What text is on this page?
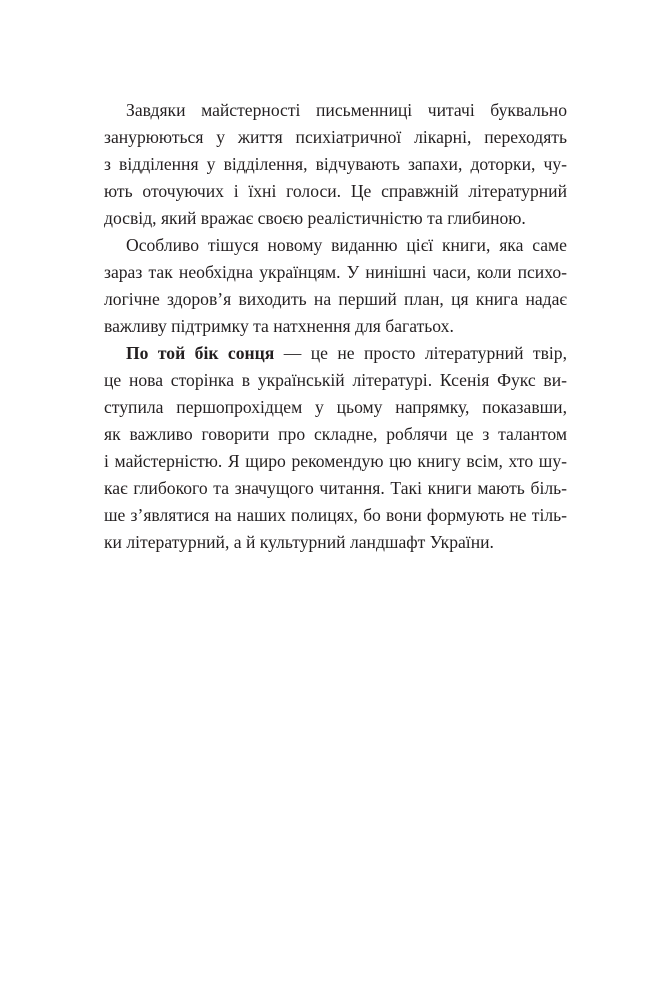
Завдяки майстерності письменниці читачі буквально
занурюються у життя психіатричної лікарні, переходять
з відділення у відділення, відчувають запахи, доторки, чу-
ють оточуючих і їхні голоси. Це справжній літературний
досвід, який вражає своєю реалістичністю та глибиною.
Особливо тішуся новому виданню цієї книги, яка саме
зараз так необхідна українцям. У нинішні часи, коли психо-
логічне здоров’я виходить на перший план, ця книга надає
важливу підтримку та натхнення для багатьох.
По той бік сонця — це не просто літературний твір,
це нова сторінка в українській літературі. Ксенія Фукс ви-
ступила першопрохідцем у цьому напрямку, показавши,
як важливо говорити про складне, роблячи це з талантом
і майстерністю. Я щиро рекомендую цю книгу всім, хто шу-
кає глибокого та значущого читання. Такі книги мають біль-
ше з’являтися на наших полицях, бо вони формують не тіль-
ки літературний, а й культурний ландшафт України.
